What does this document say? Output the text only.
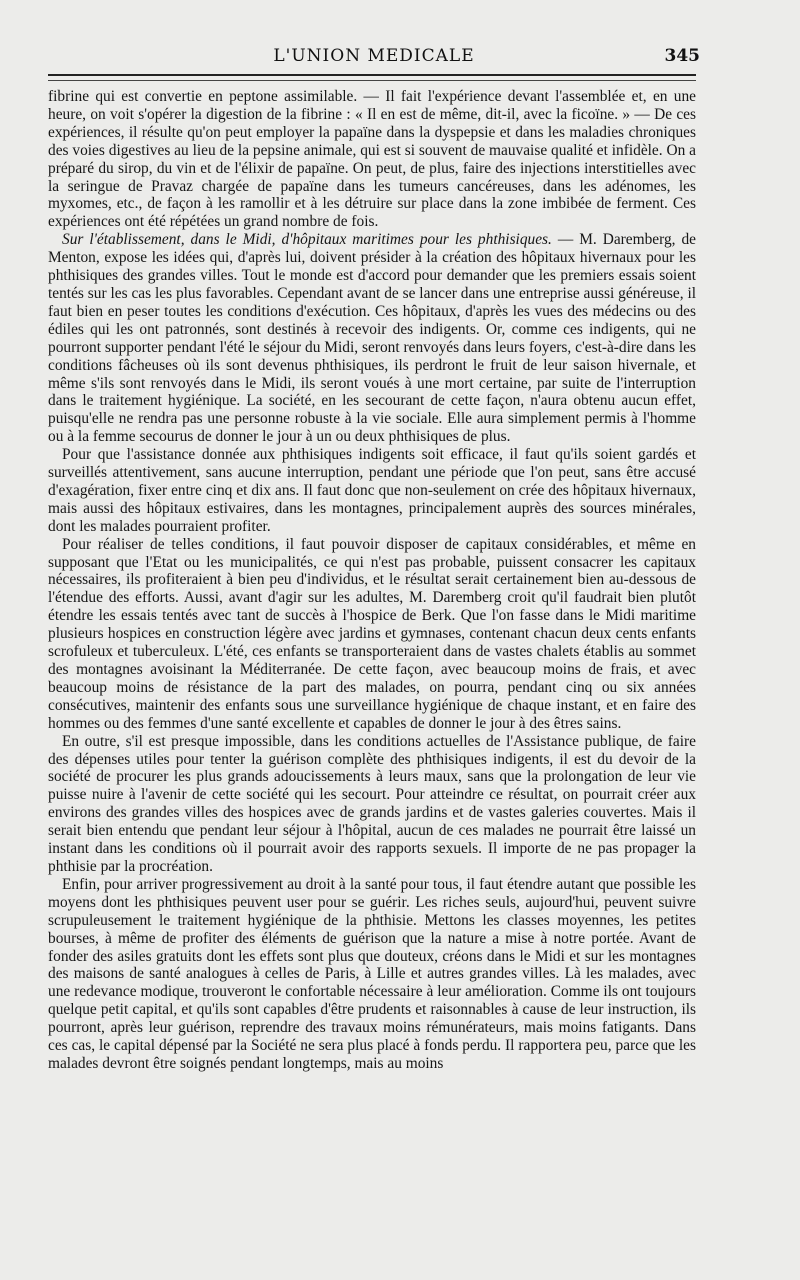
L'UNION MEDICALE	345

fibrine qui est convertie en peptone assimilable. — Il fait l'expérience devant l'assemblée et, en une heure, on voit s'opérer la digestion de la fibrine : « Il en est de même, dit-il, avec la ficoïne. » — De ces expériences, il résulte qu'on peut employer la papaïne dans la dyspepsie et dans les maladies chroniques des voies digestives au lieu de la pepsine animale, qui est si souvent de mauvaise qualité et infidèle. On a préparé du sirop, du vin et de l'élixir de papaïne. On peut, de plus, faire des injections interstitielles avec la seringue de Pravaz chargée de papaïne dans les tumeurs cancéreuses, dans les adénomes, les myxomes, etc., de façon à les ramollir et à les détruire sur place dans la zone imbibée de ferment. Ces expériences ont été répétées un grand nombre de fois.

Sur l'établissement, dans le Midi, d'hôpitaux maritimes pour les phthisiques. — M. Daremberg, de Menton, expose les idées qui, d'après lui, doivent présider à la création des hôpitaux hivernaux pour les phthisiques des grandes villes. Tout le monde est d'accord pour demander que les premiers essais soient tentés sur les cas les plus favorables. Cependant avant de se lancer dans une entreprise aussi généreuse, il faut bien en peser toutes les conditions d'exécution. Ces hôpitaux, d'après les vues des médecins ou des édiles qui les ont patronnés, sont destinés à recevoir des indigents. Or, comme ces indigents, qui ne pourront supporter pendant l'été le séjour du Midi, seront renvoyés dans leurs foyers, c'est-à-dire dans les conditions fâcheuses où ils sont devenus phthisiques, ils perdront le fruit de leur saison hivernale, et même s'ils sont renvoyés dans le Midi, ils seront voués à une mort certaine, par suite de l'interruption dans le traitement hygiénique. La société, en les secourant de cette façon, n'aura obtenu aucun effet, puisqu'elle ne rendra pas une personne robuste à la vie sociale. Elle aura simplement permis à l'homme ou à la femme secourus de donner le jour à un ou deux phthisiques de plus.

Pour que l'assistance donnée aux phthisiques indigents soit efficace, il faut qu'ils soient gardés et surveillés attentivement, sans aucune interruption, pendant une période que l'on peut, sans être accusé d'exagération, fixer entre cinq et dix ans. Il faut donc que non-seulement on crée des hôpitaux hivernaux, mais aussi des hôpitaux estivaires, dans les montagnes, principalement auprès des sources minérales, dont les malades pourraient profiter.

Pour réaliser de telles conditions, il faut pouvoir disposer de capitaux considérables, et même en supposant que l'Etat ou les municipalités, ce qui n'est pas probable, puissent consacrer les capitaux nécessaires, ils profiteraient à bien peu d'individus, et le résultat serait certainement bien au-dessous de l'étendue des efforts. Aussi, avant d'agir sur les adultes, M. Daremberg croit qu'il faudrait bien plutôt étendre les essais tentés avec tant de succès à l'hospice de Berk. Que l'on fasse dans le Midi maritime plusieurs hospices en construction légère avec jardins et gymnases, contenant chacun deux cents enfants scrofuleux et tuberculeux. L'été, ces enfants se transporteraient dans de vastes chalets établis au sommet des montagnes avoisinant la Méditerranée. De cette façon, avec beaucoup moins de frais, et avec beaucoup moins de résistance de la part des malades, on pourra, pendant cinq ou six années consécutives, maintenir des enfants sous une surveillance hygiénique de chaque instant, et en faire des hommes ou des femmes d'une santé excellente et capables de donner le jour à des êtres sains.

En outre, s'il est presque impossible, dans les conditions actuelles de l'Assistance publique, de faire des dépenses utiles pour tenter la guérison complète des phthisiques indigents, il est du devoir de la société de procurer les plus grands adoucissements à leurs maux, sans que la prolongation de leur vie puisse nuire à l'avenir de cette société qui les secourt. Pour atteindre ce résultat, on pourrait créer aux environs des grandes villes des hospices avec de grands jardins et de vastes galeries couvertes. Mais il serait bien entendu que pendant leur séjour à l'hôpital, aucun de ces malades ne pourrait être laissé un instant dans les conditions où il pourrait avoir des rapports sexuels. Il importe de ne pas propager la phthisie par la procréation.

Enfin, pour arriver progressivement au droit à la santé pour tous, il faut étendre autant que possible les moyens dont les phthisiques peuvent user pour se guérir. Les riches seuls, aujourd'hui, peuvent suivre scrupuleusement le traitement hygiénique de la phthisie. Mettons les classes moyennes, les petites bourses, à même de profiter des éléments de guérison que la nature a mise à notre portée. Avant de fonder des asiles gratuits dont les effets sont plus que douteux, créons dans le Midi et sur les montagnes des maisons de santé analogues à celles de Paris, à Lille et autres grandes villes. Là les malades, avec une redevance modique, trouveront le confortable nécessaire à leur amélioration. Comme ils ont toujours quelque petit capital, et qu'ils sont capables d'être prudents et raisonnables à cause de leur instruction, ils pourront, après leur guérison, reprendre des travaux moins rémunérateurs, mais moins fatigants. Dans ces cas, le capital dépensé par la Société ne sera plus placé à fonds perdu. Il rapportera peu, parce que les malades devront être soignés pendant longtemps, mais au moins
